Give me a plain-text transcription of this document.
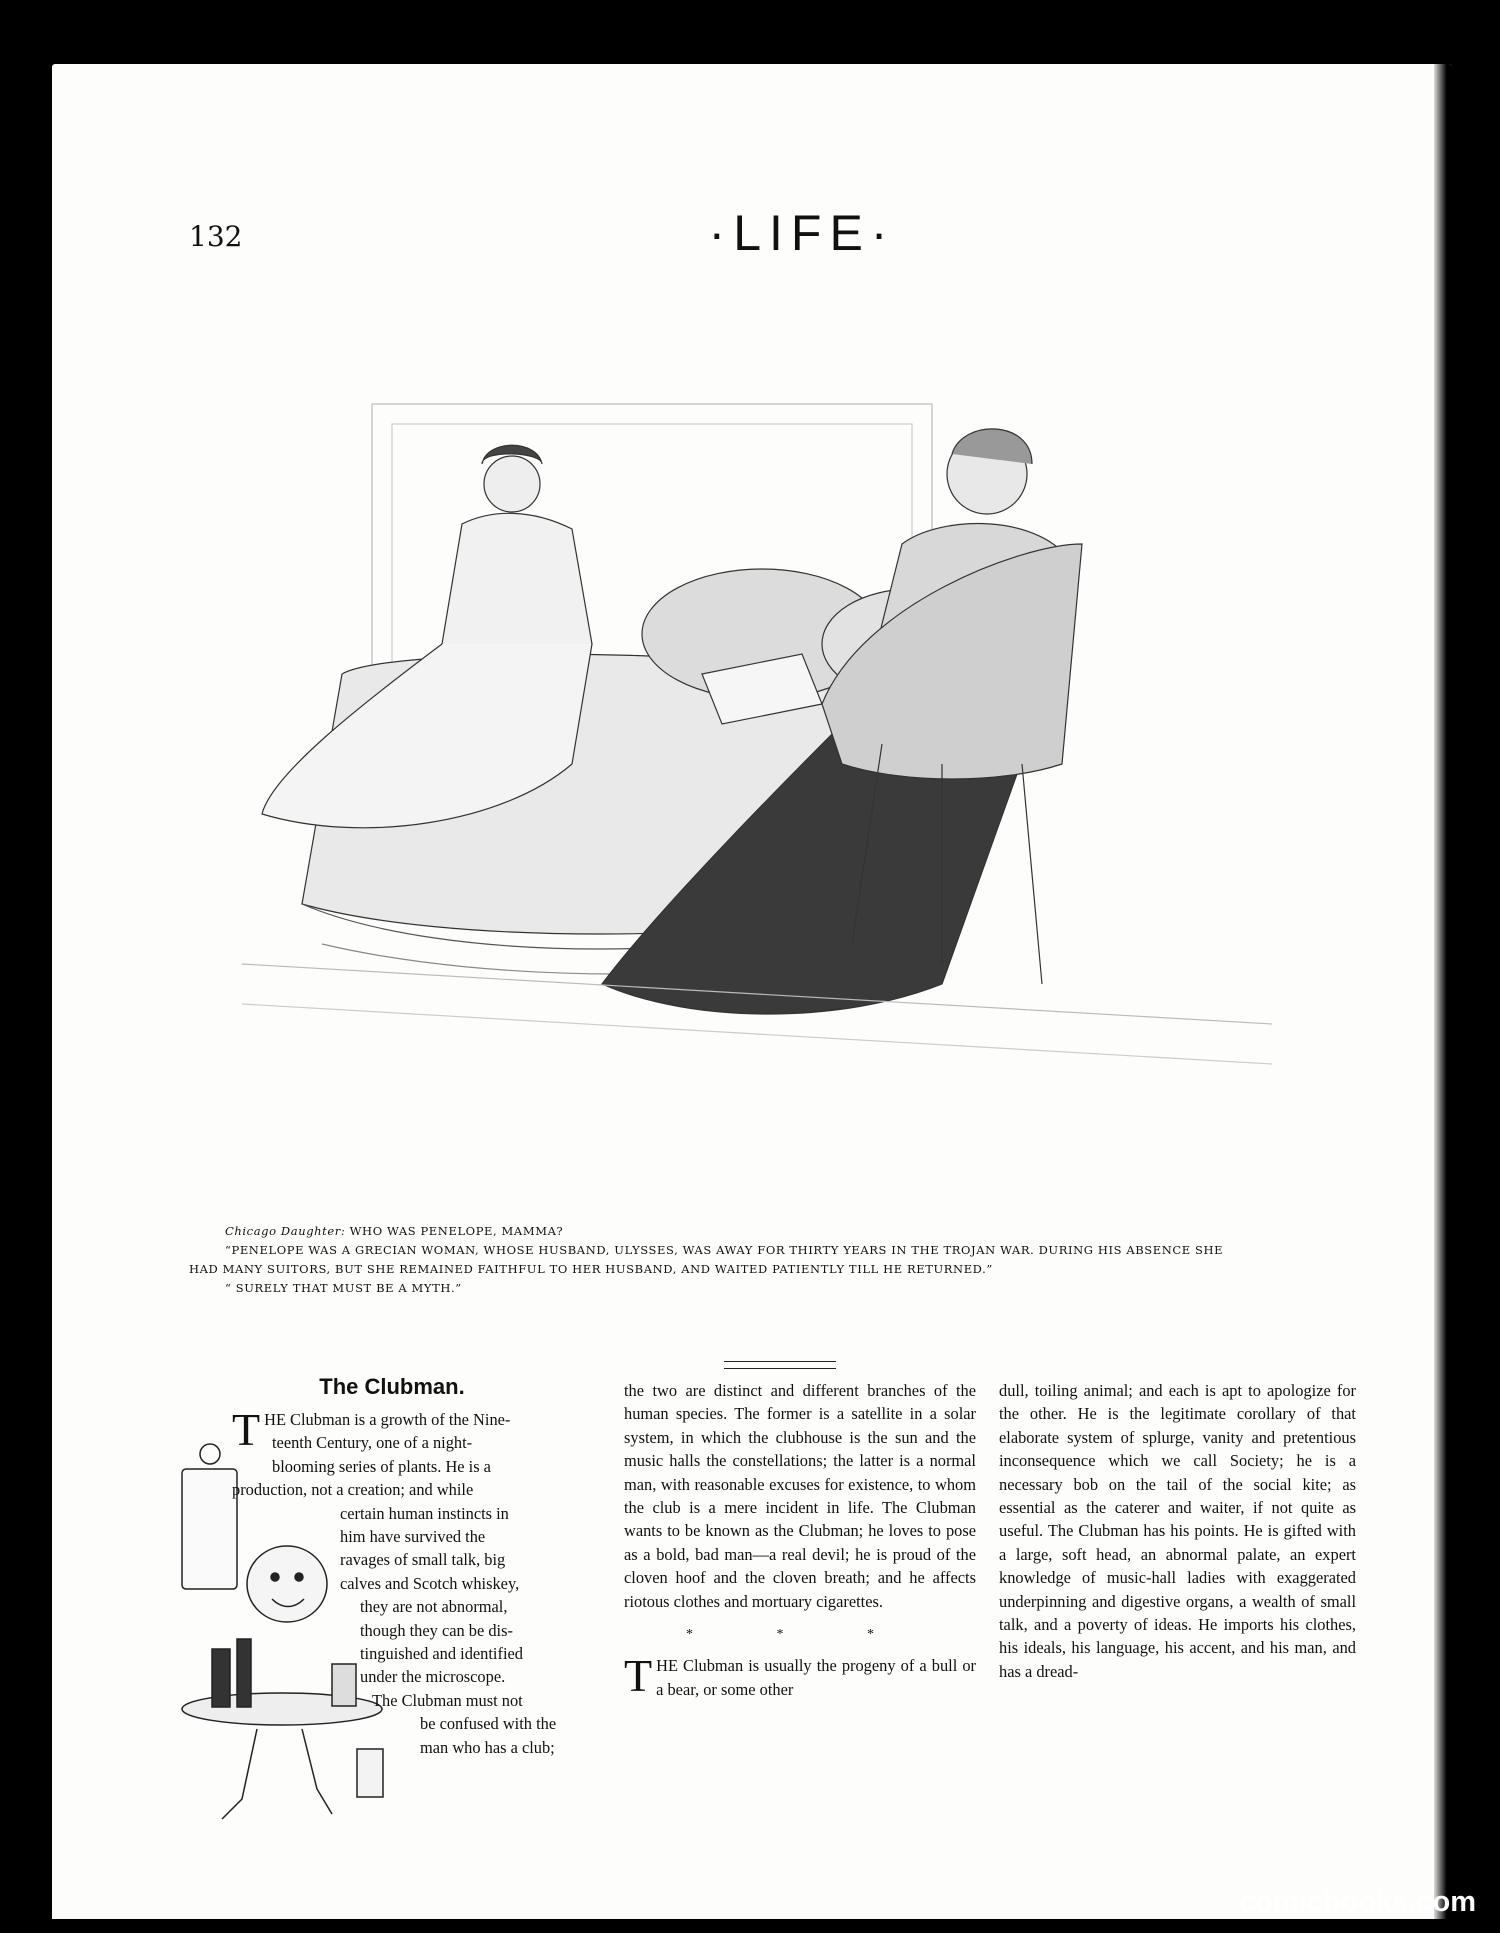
132	·LIFE·

Chicago Daughter: WHO WAS PENELOPE, MAMMA?

“PENELOPE WAS A GRECIAN WOMAN, WHOSE HUSBAND, ULYSSES, WAS AWAY FOR THIRTY YEARS IN THE TROJAN WAR. DURING HIS ABSENCE SHE

HAD MANY SUITORS, BUT SHE REMAINED FAITHFUL TO HER HUSBAND, AND WAITED PATIENTLY TILL HE RETURNED.”

“ SURELY THAT MUST BE A MYTH.”

The Clubman.
T HE Clubman is a growth of the Nine-
teenth Century, one of a night-
blooming series of plants. He is a
production, not a creation; and while
certain human instincts in
him have survived the
ravages of small talk, big
calves and Scotch whiskey,
they are not abnormal,
though they can be dis-
tinguished and identified
under the microscope.
The Clubman must not
be confused with the
man who has a club;

the two are distinct and different branches of the human species. The former is a satellite in a solar system, in which the clubhouse is the sun and the music halls the constellations; the latter is a normal man, with reasonable excuses for existence, to whom the club is a mere incident in life. The Clubman wants to be known as the Clubman; he loves to pose as a bold, bad man—a real devil; he is proud of the cloven hoof and the cloven breath; and he affects riotous clothes and mortuary cigarettes.

* * *

THE Clubman is usually the progeny of a bull or a bear, or some other

dull, toiling animal; and each is apt to apologize for the other. He is the legitimate corollary of that elaborate system of splurge, vanity and pretentious inconsequence which we call Society; he is a necessary bob on the tail of the social kite; as essential as the caterer and waiter, if not quite as useful. The Clubman has his points. He is gifted with a large, soft head, an abnormal palate, an expert knowledge of music-hall ladies with exaggerated underpinning and digestive organs, a wealth of small talk, and a poverty of ideas. He imports his clothes, his ideals, his language, his accent, and his man, and has a dread-

comicbooks.com
